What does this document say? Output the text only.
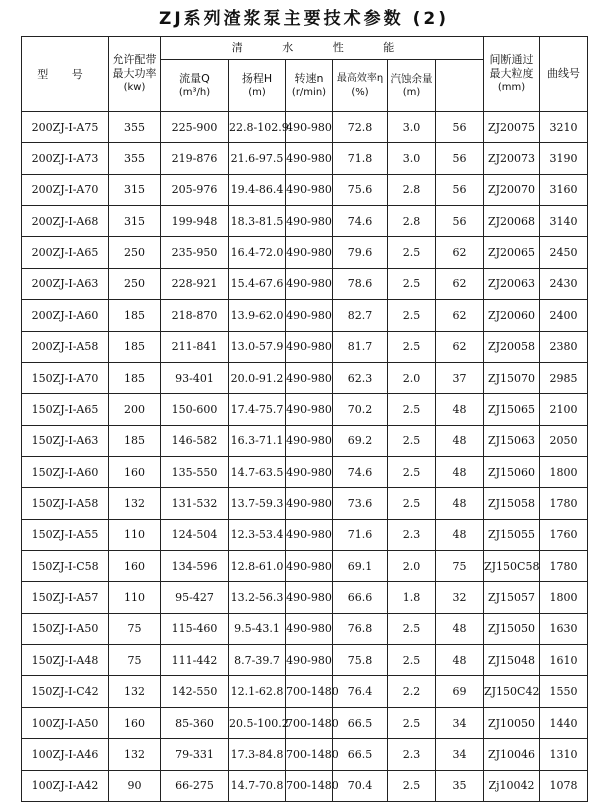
ZJ系列渣浆泵主要技术参数 (2)
型 号	允许配带
最大功率
(kw)	清 水 性 能						间断通过
最大粒度
(mm)	曲线号	

		流量Q
(m³/h)	扬程H
(m)	转速n
(r/min)	最高效率η
(%)	汽蚀余量
(m)				

200ZJ-I-A75	355	225-900	22.8-102.9	490-980	72.8	3.0	56	ZJ20075	3210	
200ZJ-I-A73	355	219-876	21.6-97.5	490-980	71.8	3.0	56	ZJ20073	3190	
200ZJ-I-A70	315	205-976	19.4-86.4	490-980	75.6	2.8	56	ZJ20070	3160	
200ZJ-I-A68	315	199-948	18.3-81.5	490-980	74.6	2.8	56	ZJ20068	3140	
200ZJ-I-A65	250	235-950	16.4-72.0	490-980	79.6	2.5	62	ZJ20065	2450	
200ZJ-I-A63	250	228-921	15.4-67.6	490-980	78.6	2.5	62	ZJ20063	2430	
200ZJ-I-A60	185	218-870	13.9-62.0	490-980	82.7	2.5	62	ZJ20060	2400	
200ZJ-I-A58	185	211-841	13.0-57.9	490-980	81.7	2.5	62	ZJ20058	2380	
150ZJ-I-A70	185	93-401	20.0-91.2	490-980	62.3	2.0	37	ZJ15070	2985	
150ZJ-I-A65	200	150-600	17.4-75.7	490-980	70.2	2.5	48	ZJ15065	2100	
150ZJ-I-A63	185	146-582	16.3-71.1	490-980	69.2	2.5	48	ZJ15063	2050	
150ZJ-I-A60	160	135-550	14.7-63.5	490-980	74.6	2.5	48	ZJ15060	1800	
150ZJ-I-A58	132	131-532	13.7-59.3	490-980	73.6	2.5	48	ZJ15058	1780	
150ZJ-I-A55	110	124-504	12.3-53.4	490-980	71.6	2.3	48	ZJ15055	1760	
150ZJ-I-C58	160	134-596	12.8-61.0	490-980	69.1	2.0	75	ZJ150C58	1780	
150ZJ-I-A57	110	95-427	13.2-56.3	490-980	66.6	1.8	32	ZJ15057	1800	
150ZJ-I-A50	75	115-460	9.5-43.1	490-980	76.8	2.5	48	ZJ15050	1630	
150ZJ-I-A48	75	111-442	8.7-39.7	490-980	75.8	2.5	48	ZJ15048	1610	
150ZJ-I-C42	132	142-550	12.1-62.8	700-1480	76.4	2.2	69	ZJ150C42	1550	
100ZJ-I-A50	160	85-360	20.5-100.2	700-1480	66.5	2.5	34	ZJ10050	1440	
100ZJ-I-A46	132	79-331	17.3-84.8	700-1480	66.5	2.3	34	ZJ10046	1310	
100ZJ-I-A42	90	66-275	14.7-70.8	700-1480	70.4	2.5	35	Zj10042	1078	
